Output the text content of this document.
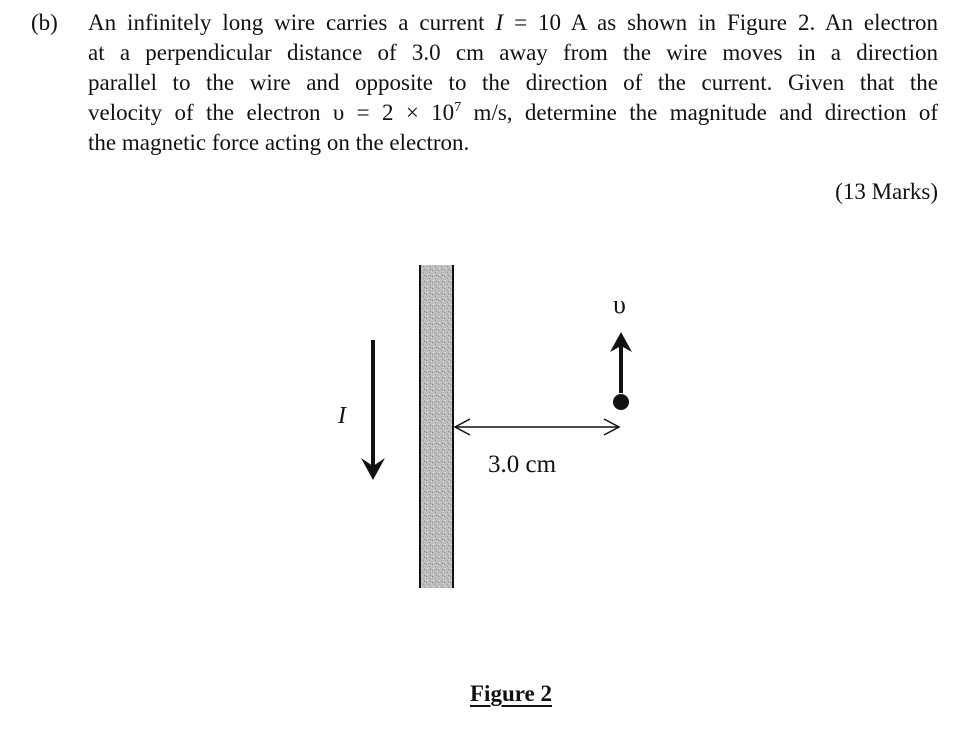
(b) An infinitely long wire carries a current I = 10 A as shown in Figure 2. An electron
at a perpendicular distance of 3.0 cm away from the wire moves in a direction
parallel to the wire and opposite to the direction of the current. Given that the
velocity of the electron $\upsilon = 2 \times 10^7$ m/s, determine the magnitude and direction of
the magnetic force acting on the electron.
(13 Marks)
I
3.0 cm
υ
Figure 2
